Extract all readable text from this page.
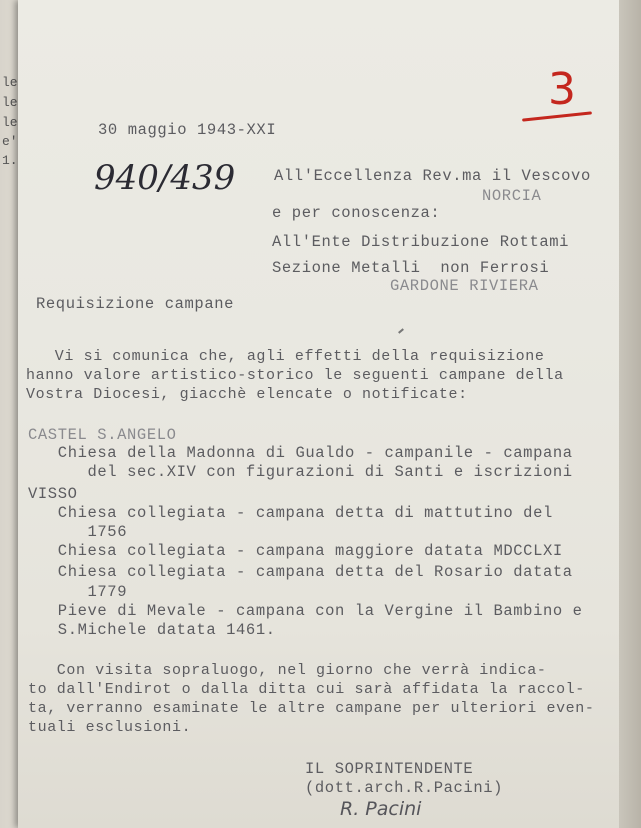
le
le
le
e'
1.
3
30 maggio 1943-XXI
940/439	All'Eccellenza Rev.ma il Vescovo
NORCIA
e per conoscenza:
All'Ente Distribuzione Rottami
Sezione Metalli  non Ferrosi
GARDONE RIVIERA
Requisizione campane
Vi si comunica che, agli effetti della requisizione
hanno valore artistico-storico le seguenti campane della
Vostra Diocesi, giacchè elencate o notificate:
CASTEL S.ANGELO
Chiesa della Madonna di Gualdo - campanile - campana
del sec.XIV con figurazioni di Santi e iscrizioni
VISSO
Chiesa collegiata - campana detta di mattutino del
1756
Chiesa collegiata - campana maggiore datata MDCCLXI
Chiesa collegiata - campana detta del Rosario datata
1779
Pieve di Mevale - campana con la Vergine il Bambino e
S.Michele datata 1461.
Con visita sopraluogo, nel giorno che verrà indica-
to dall'Endirot o dalla ditta cui sarà affidata la raccol-
ta, verranno esaminate le altre campane per ulteriori even-
tuali esclusioni.
IL SOPRINTENDENTE
(dott.arch.R.Pacini)
R. Pacini
